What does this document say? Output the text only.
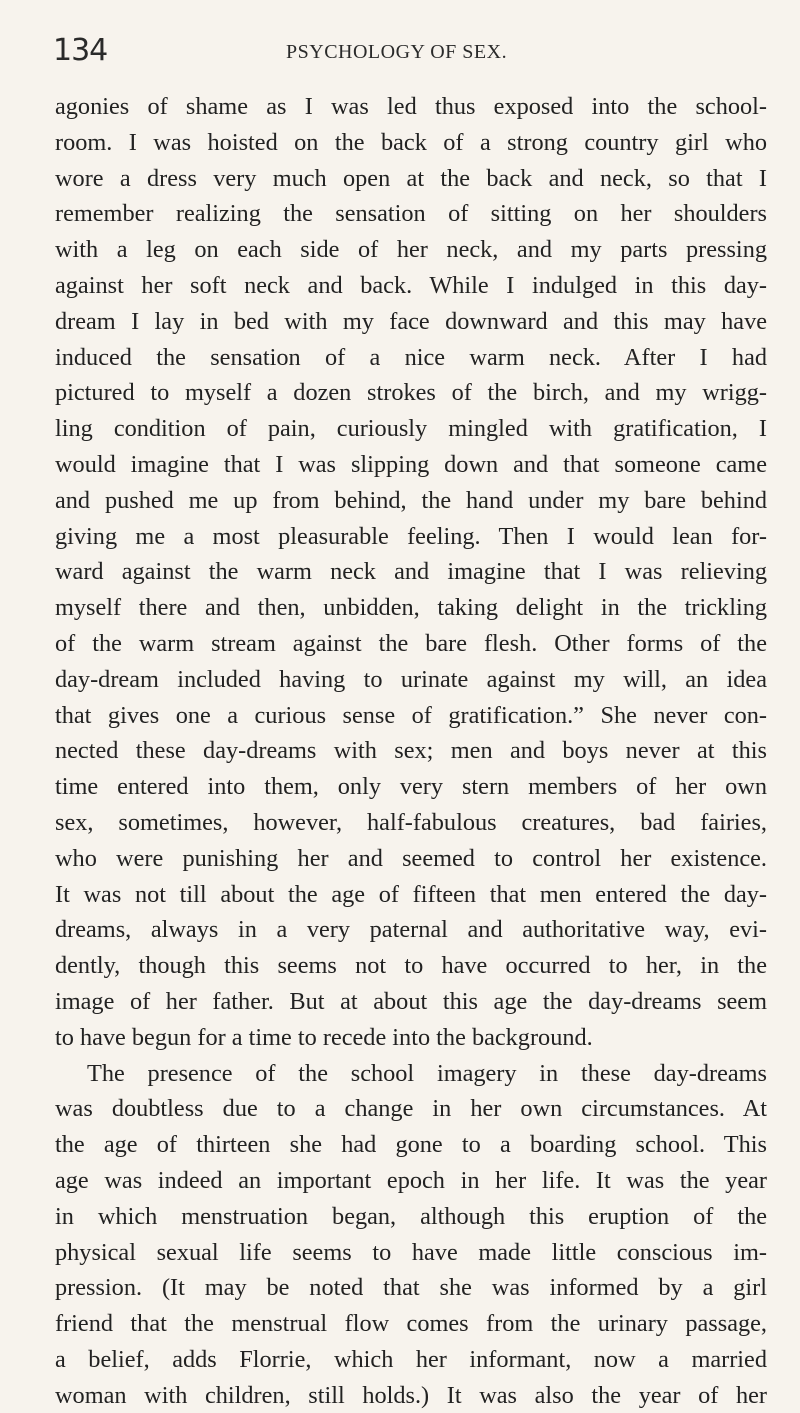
134	PSYCHOLOGY OF SEX.
agonies of shame as I was led thus exposed into the school-
room. I was hoisted on the back of a strong country girl who
wore a dress very much open at the back and neck, so that I
remember realizing the sensation of sitting on her shoulders
with a leg on each side of her neck, and my parts pressing
against her soft neck and back. While I indulged in this day-
dream I lay in bed with my face downward and this may have
induced the sensation of a nice warm neck. After I had
pictured to myself a dozen strokes of the birch, and my wrigg-
ling condition of pain, curiously mingled with gratification, I
would imagine that I was slipping down and that someone came
and pushed me up from behind, the hand under my bare behind
giving me a most pleasurable feeling. Then I would lean for-
ward against the warm neck and imagine that I was relieving
myself there and then, unbidden, taking delight in the trickling
of the warm stream against the bare flesh. Other forms of the
day-dream included having to urinate against my will, an idea
that gives one a curious sense of gratification.” She never con-
nected these day-dreams with sex; men and boys never at this
time entered into them, only very stern members of her own
sex, sometimes, however, half-fabulous creatures, bad fairies,
who were punishing her and seemed to control her existence.
It was not till about the age of fifteen that men entered the day-
dreams, always in a very paternal and authoritative way, evi-
dently, though this seems not to have occurred to her, in the
image of her father. But at about this age the day-dreams seem
to have begun for a time to recede into the background.
The presence of the school imagery in these day-dreams
was doubtless due to a change in her own circumstances. At
the age of thirteen she had gone to a boarding school. This
age was indeed an important epoch in her life. It was the year
in which menstruation began, although this eruption of the
physical sexual life seems to have made little conscious im-
pression. (It may be noted that she was informed by a girl
friend that the menstrual flow comes from the urinary passage,
a belief, adds Florrie, which her informant, now a married
woman with children, still holds.) It was also the year of her
